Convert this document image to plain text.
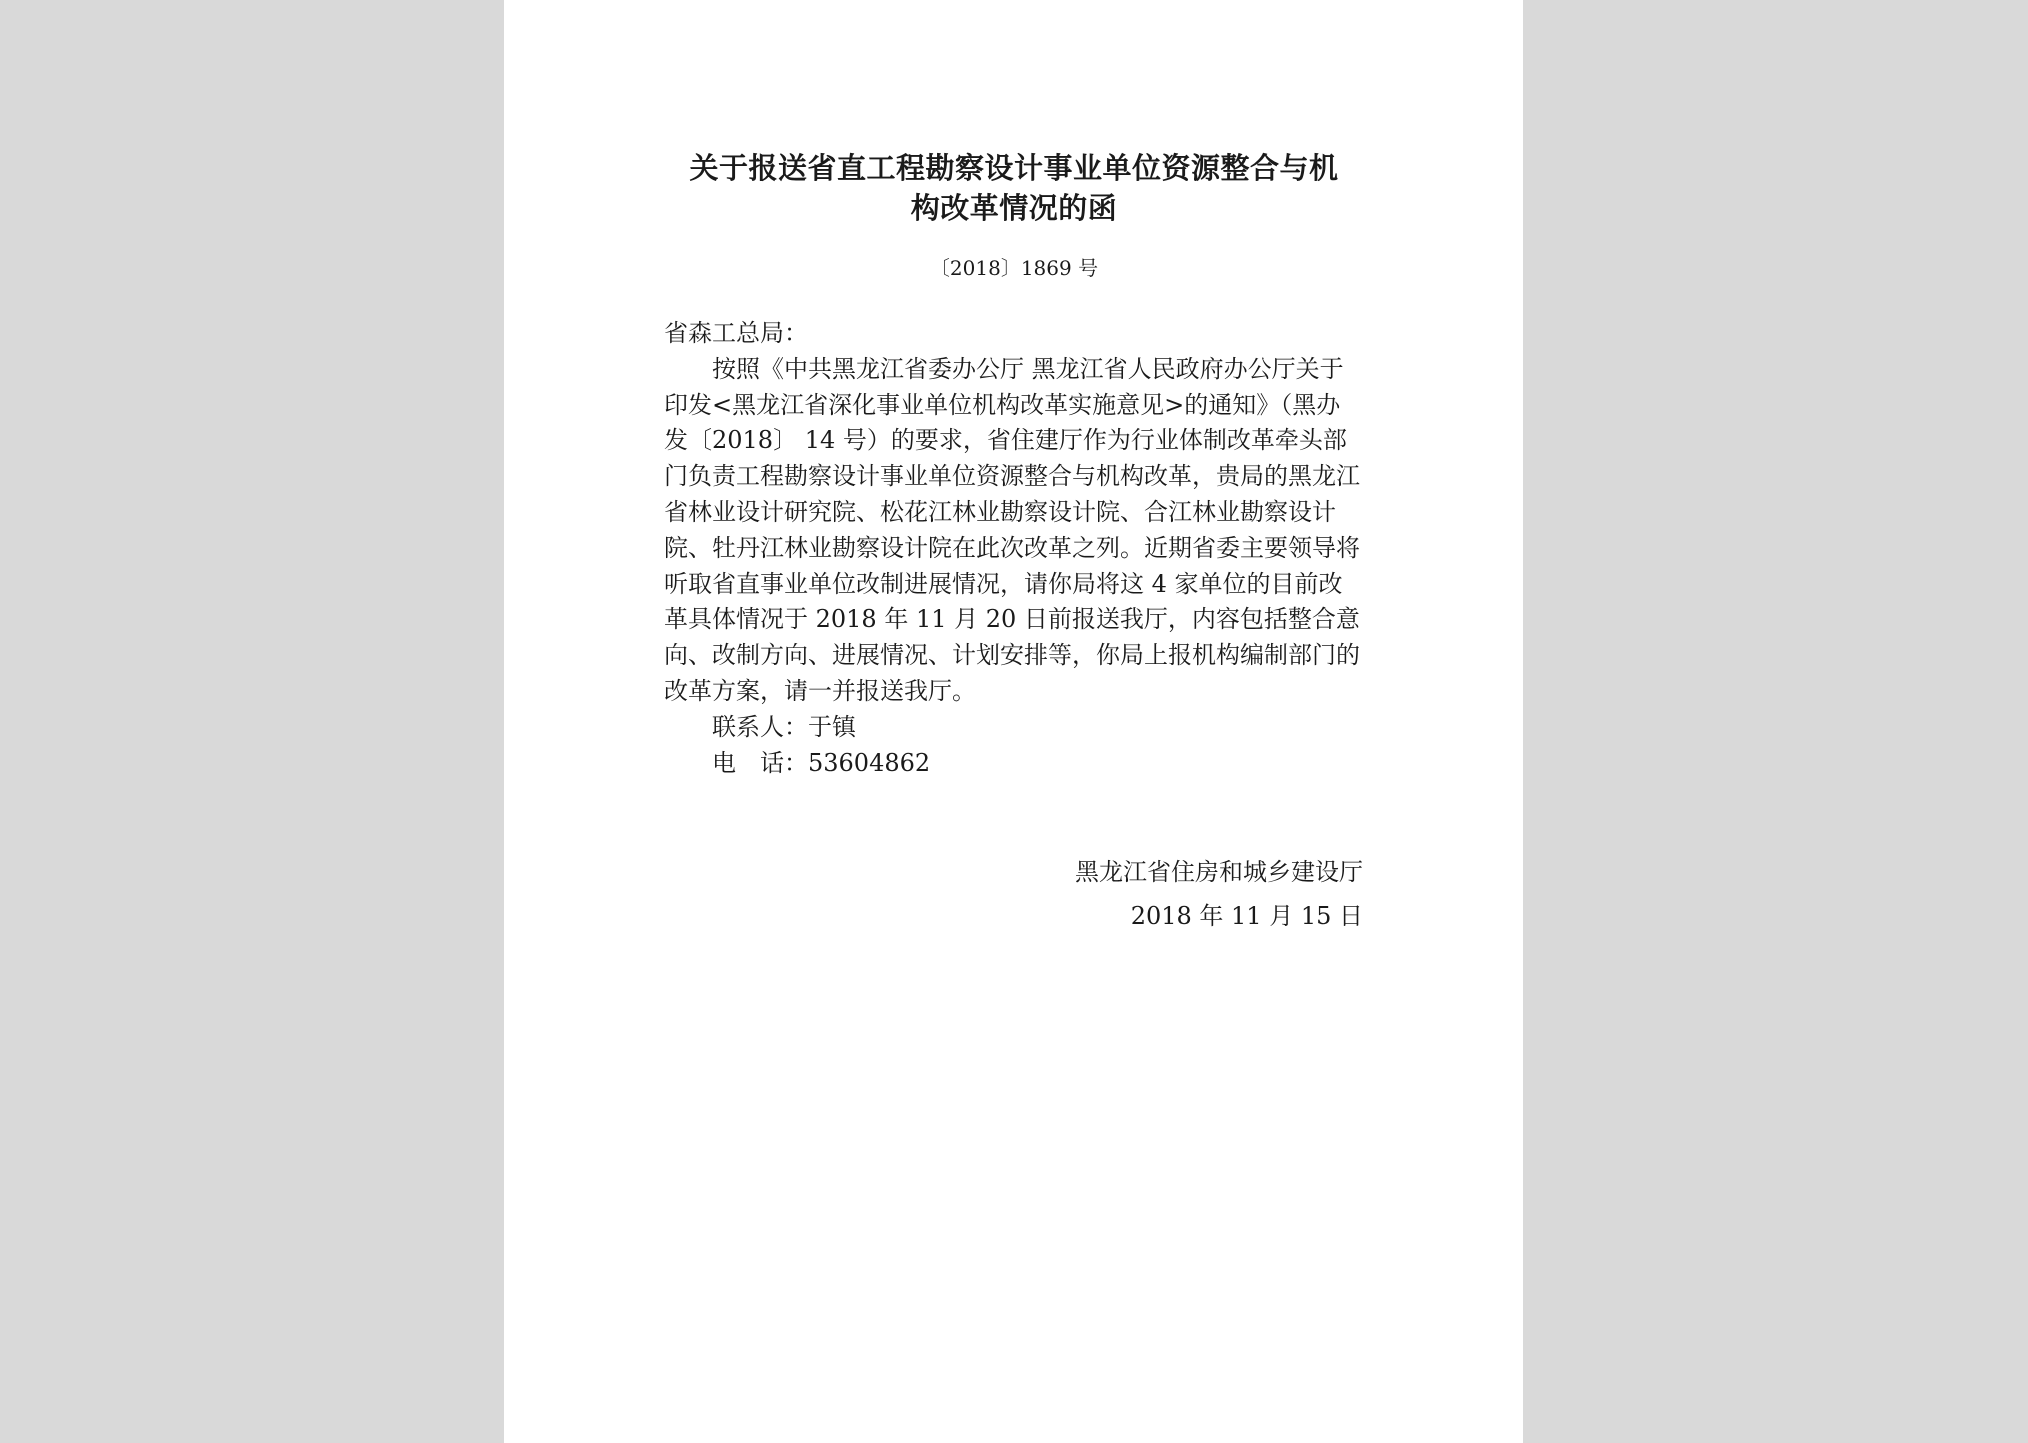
关于报送省直工程勘察设计事业单位资源整合与机
构改革情况的函
〔2018〕1869 号

省森工总局：

按照《中共黑龙江省委办公厅 黑龙江省人民政府办公厅关于印发<黑龙江省深化事业单位机构改革实施意见>的通知》（黑办发〔2018〕 14 号）的要求，省住建厅作为行业体制改革牵头部门负责工程勘察设计事业单位资源整合与机构改革，贵局的黑龙江省林业设计研究院、松花江林业勘察设计院、合江林业勘察设计院、牡丹江林业勘察设计院在此次改革之列。近期省委主要领导将听取省直事业单位改制进展情况，请你局将这 4 家单位的目前改革具体情况于 2018 年 11 月 20 日前报送我厅，内容包括整合意向、改制方向、进展情况、计划安排等，你局上报机构编制部门的改革方案，请一并报送我厅。

联系人：于镇

电　话：53604862

黑龙江省住房和城乡建设厅
2018 年 11 月 15 日
